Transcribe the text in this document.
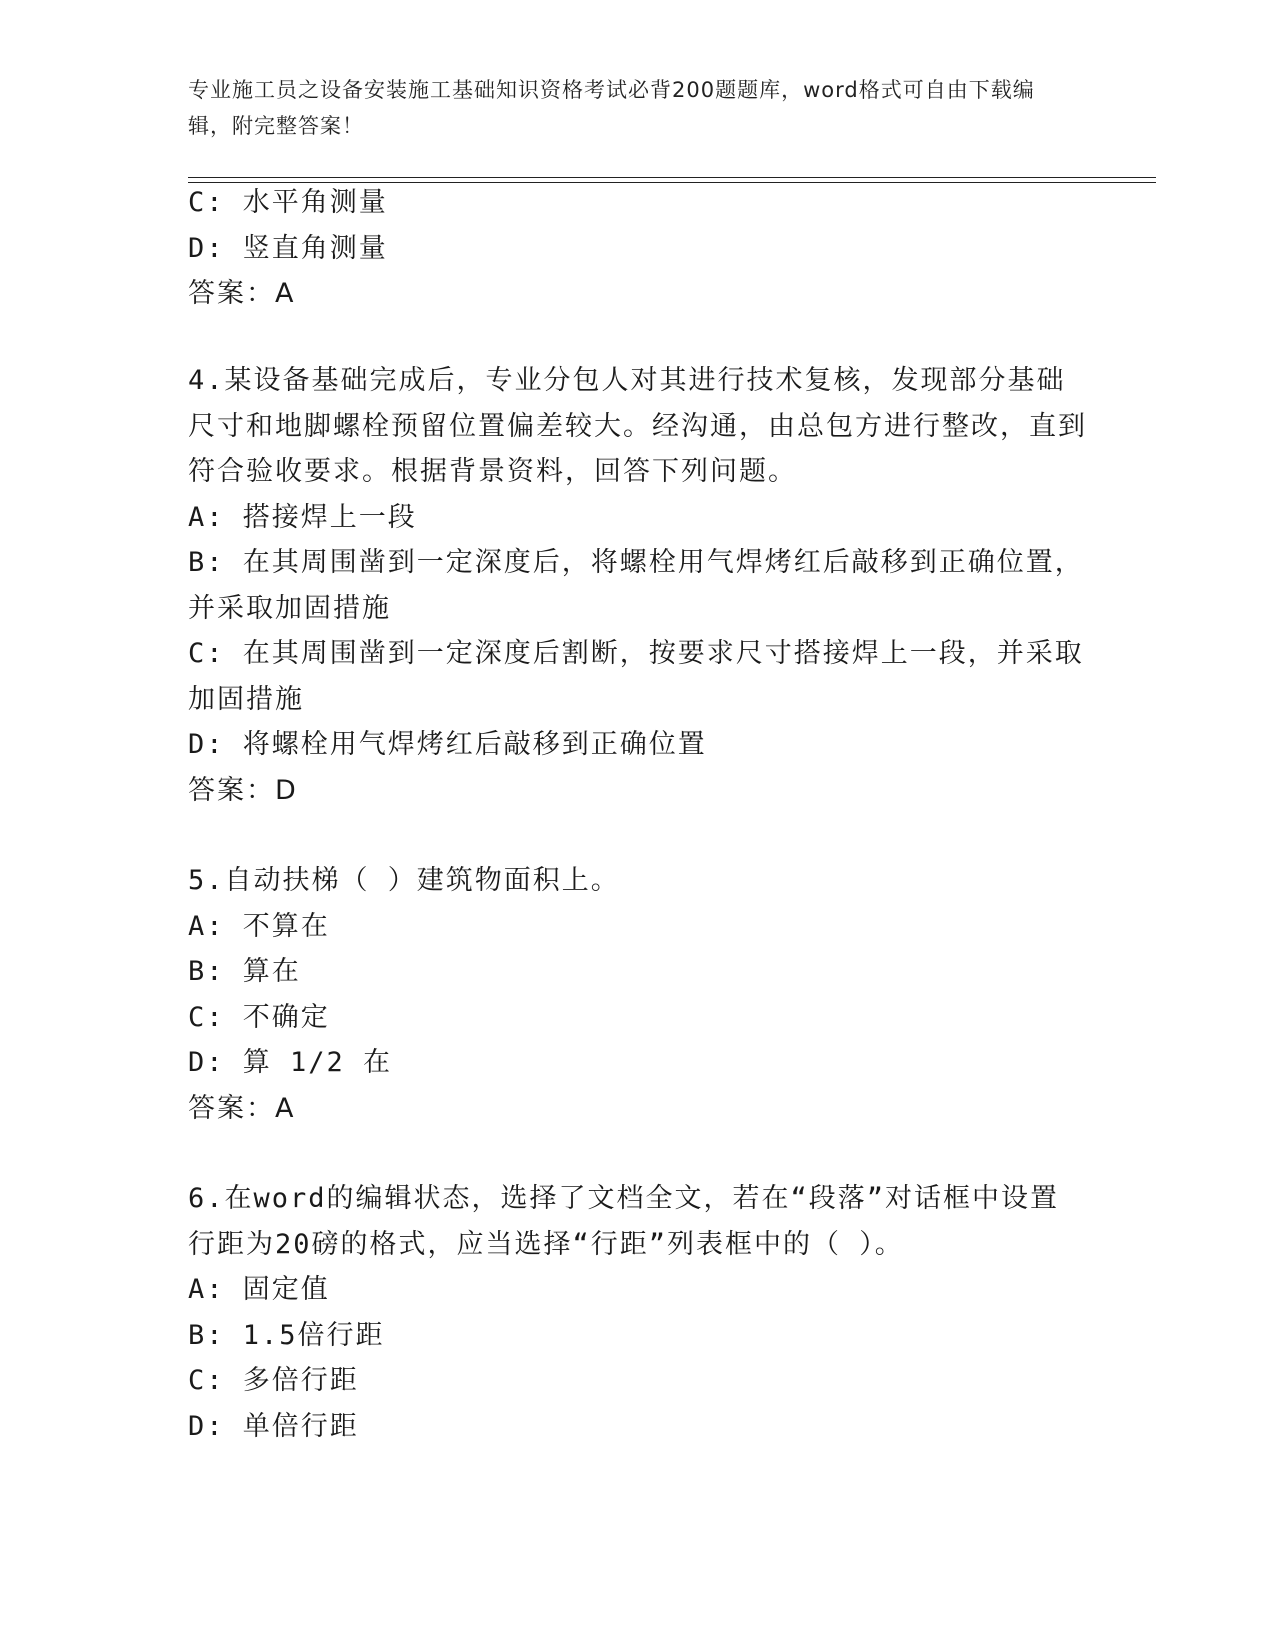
专业施工员之设备安装施工基础知识资格考试必背200题题库，word格式可自由下载编辑，附完整答案！
C: 水平角测量
D: 竖直角测量
答案：A
4.某设备基础完成后，专业分包人对其进行技术复核，发现部分基础尺寸和地脚螺栓预留位置偏差较大。经沟通，由总包方进行整改，直到符合验收要求。根据背景资料，回答下列问题。
A: 搭接焊上一段
B: 在其周围凿到一定深度后，将螺栓用气焊烤红后敲移到正确位置，并采取加固措施
C: 在其周围凿到一定深度后割断，按要求尺寸搭接焊上一段，并采取加固措施
D: 将螺栓用气焊烤红后敲移到正确位置
答案：D
5.自动扶梯（ ）建筑物面积上。
A: 不算在
B: 算在
C: 不确定
D: 算 1/2 在
答案：A
6.在word的编辑状态，选择了文档全文，若在“段落”对话框中设置行距为20磅的格式，应当选择“行距”列表框中的（ ）。
A: 固定值
B: 1.5倍行距
C: 多倍行距
D: 单倍行距
